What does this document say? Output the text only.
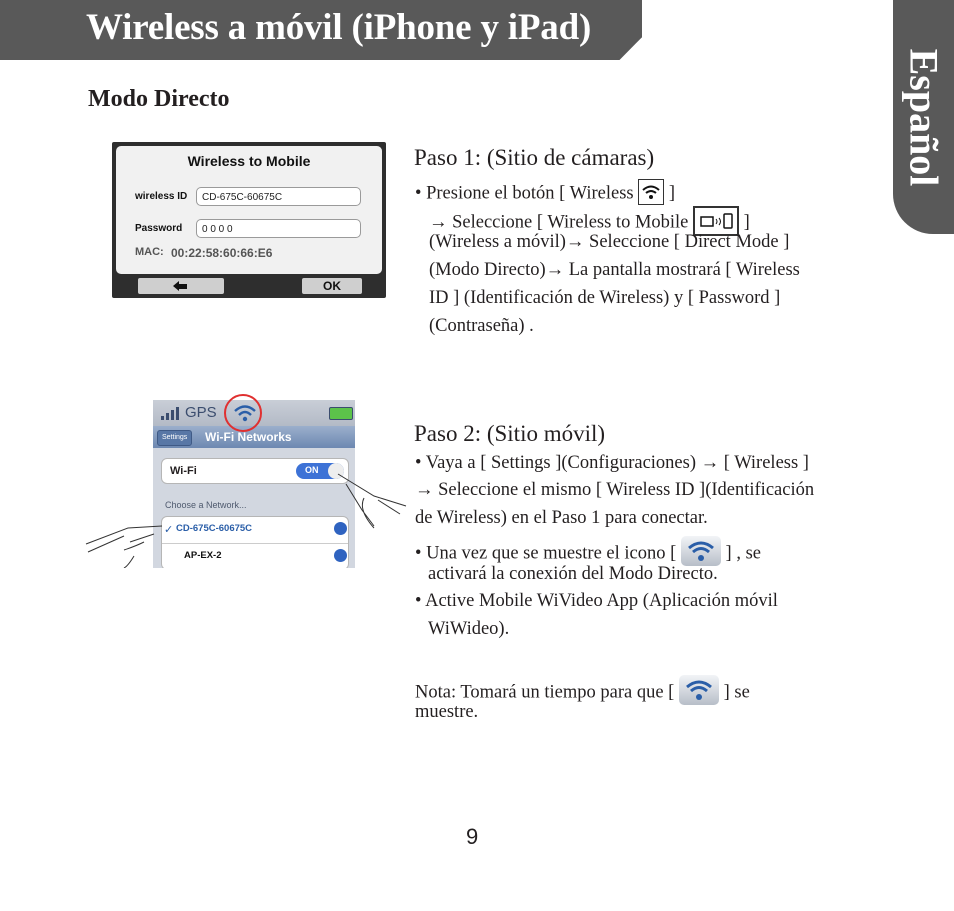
Wireless a móvil (iPhone y iPad)
Español
Modo Directo
OK
Wireless to Mobile
wireless ID	CD-675C-60675C
Password	0 0 0 0
MAC: 00:22:58:60:66:E6
GPS
Settings	Wi-Fi Networks
Wi-Fi	ON
Choose a Network...
✓ CD-675C-60675C
AP-EX-2
Paso 1: (Sitio de cámaras)
• Presione el botón [ Wireless  ]
→ Seleccione [ Wireless to Mobile  ]
(Wireless a móvil)→ Seleccione [ Direct Mode ]
(Modo Directo)→ La pantalla mostrará [ Wireless
ID ] (Identificación de Wireless) y [ Password ]
(Contraseña) .
Paso 2: (Sitio móvil)
• Vaya a [ Settings ](Configuraciones) → [ Wireless ]
→ Seleccione el mismo [ Wireless ID ](Identificación
de Wireless) en el Paso 1 para conectar.
• Una vez que se muestre el icono [  ] , se
activará la conexión del Modo Directo.
• Active Mobile WiVideo App (Aplicación móvil
WiWideo).
Nota: Tomará un tiempo para que [  ] se
muestre.
9
